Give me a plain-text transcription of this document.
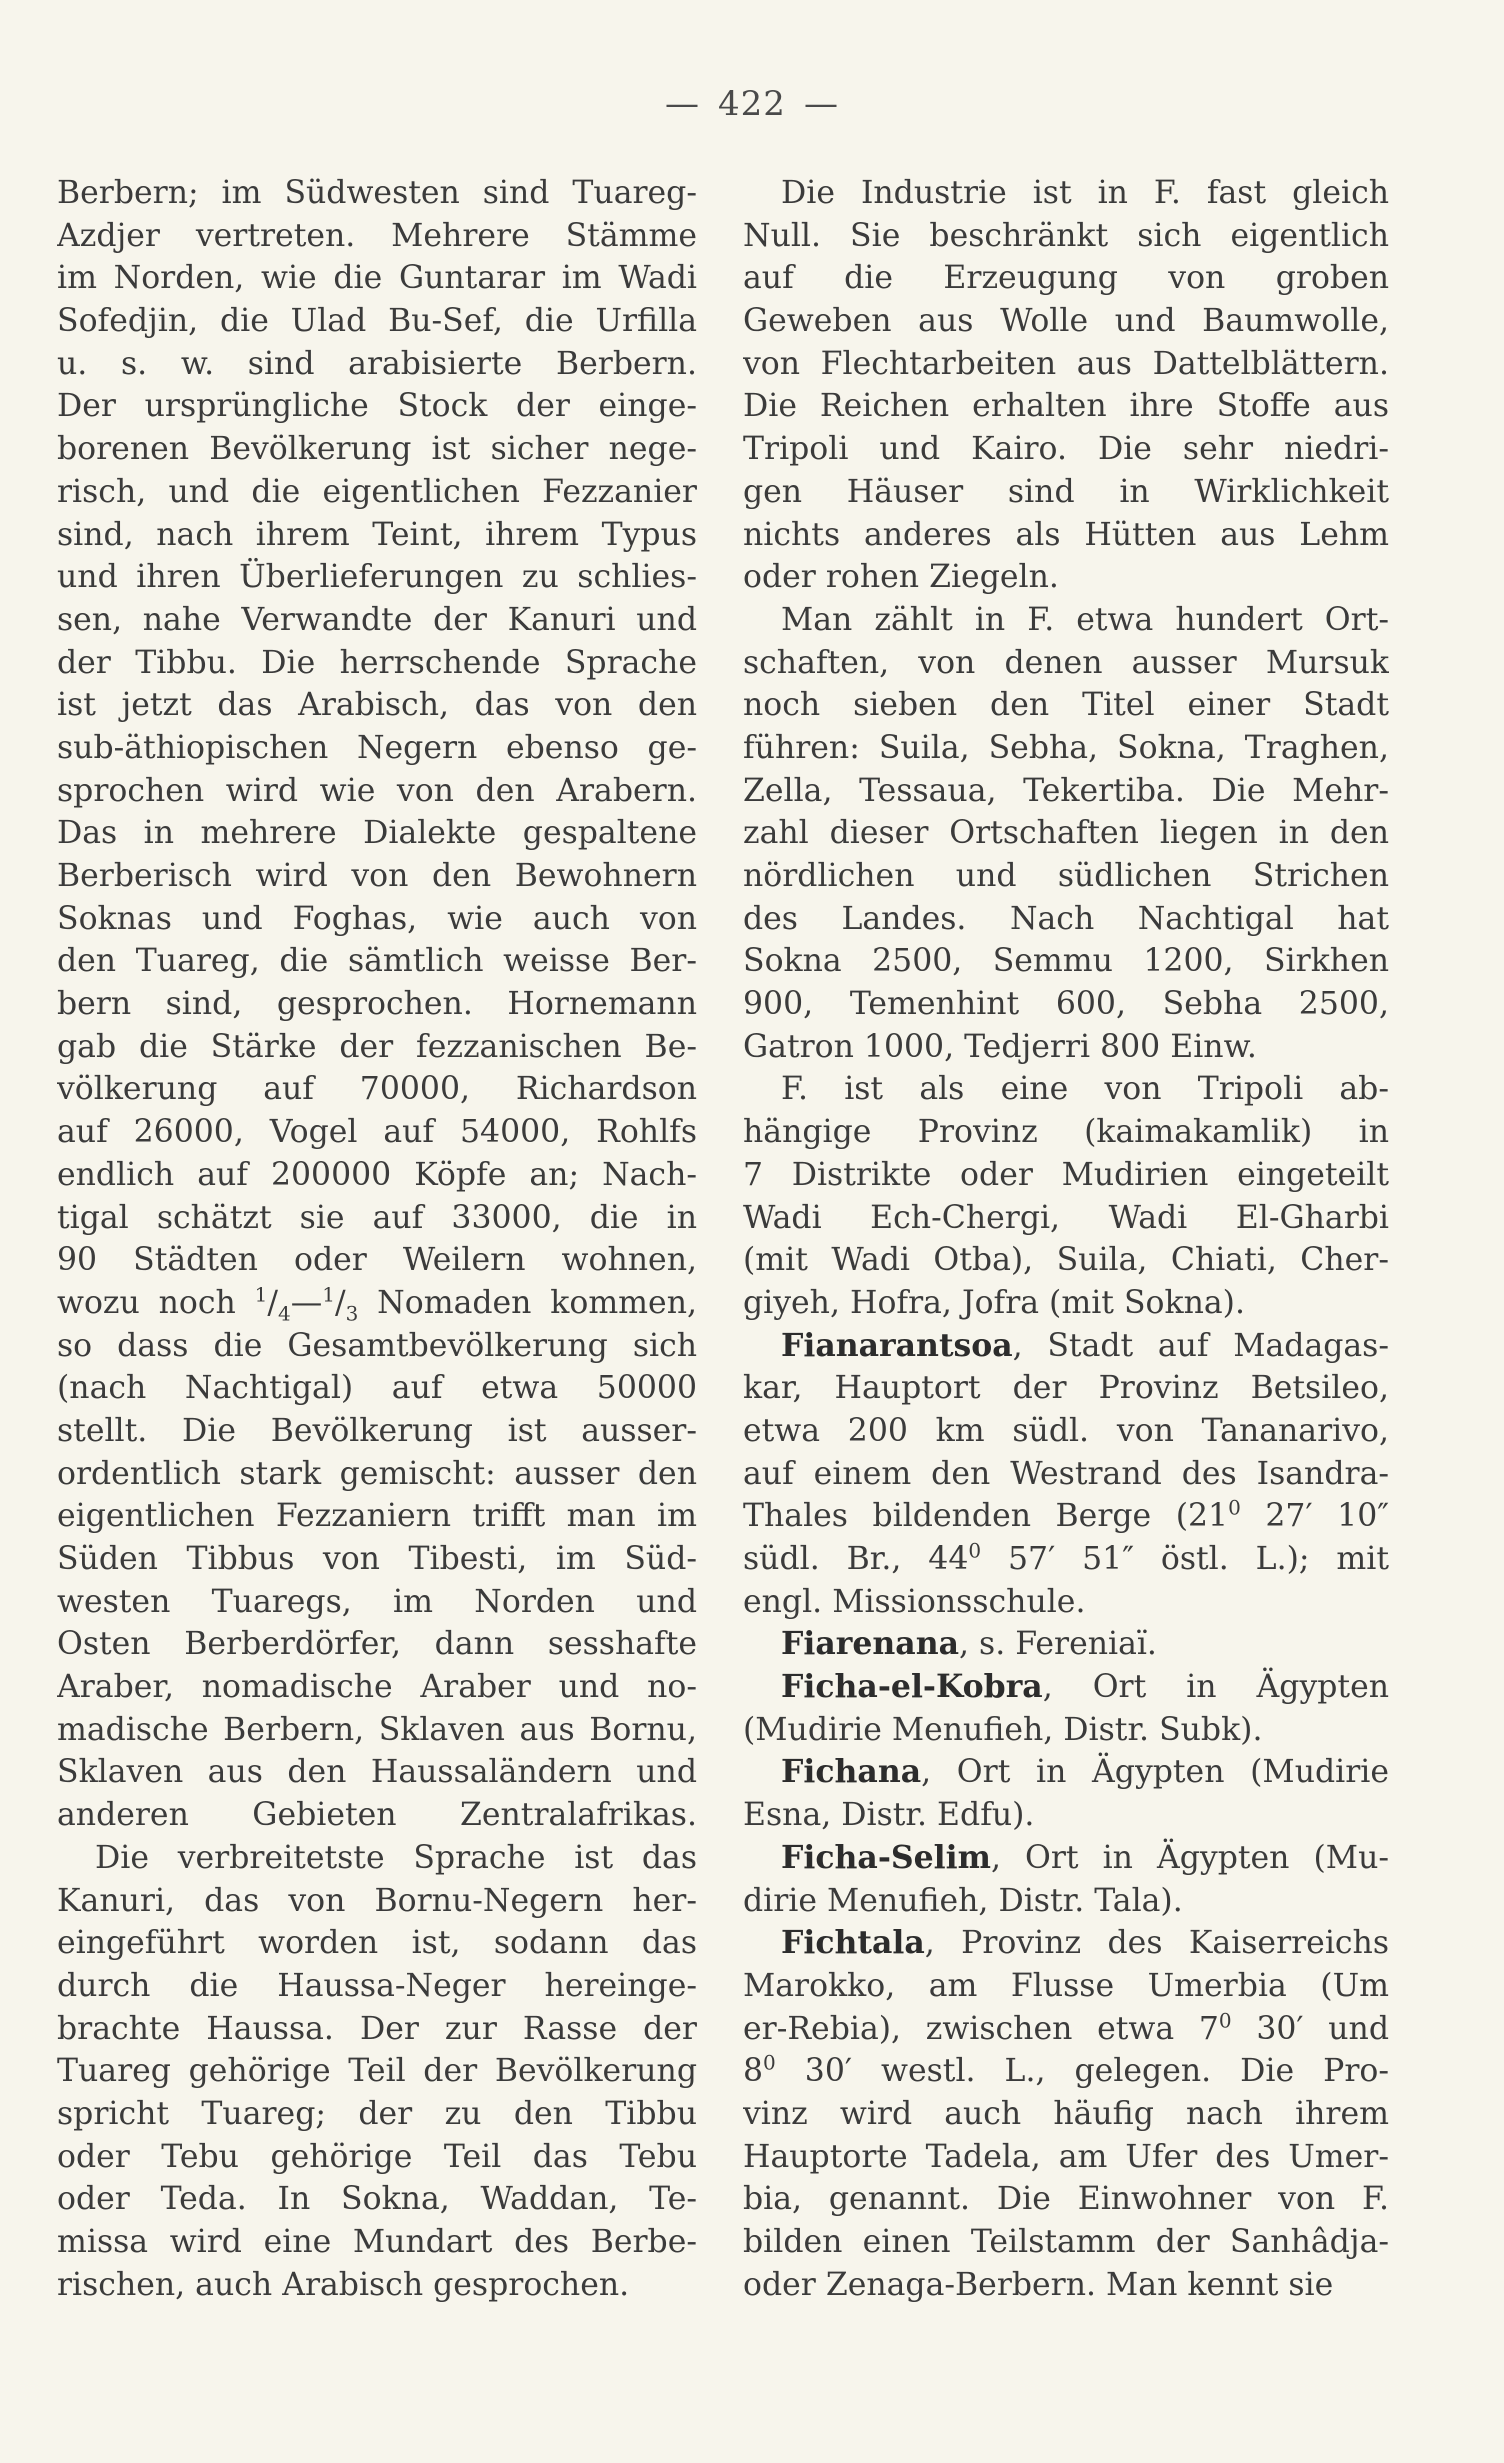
— 422 —
Berbern; im Südwesten sind Tuareg-
Azdjer vertreten. Mehrere Stämme
im Norden, wie die Guntarar im Wadi
Sofedjin, die Ulad Bu-Sef, die Urfilla
u. s. w. sind arabisierte Berbern.
Der ursprüngliche Stock der einge-
borenen Bevölkerung ist sicher nege-
risch, und die eigentlichen Fezzanier
sind, nach ihrem Teint, ihrem Typus
und ihren Überlieferungen zu schlies-
sen, nahe Verwandte der Kanuri und
der Tibbu. Die herrschende Sprache
ist jetzt das Arabisch, das von den
sub-äthiopischen Negern ebenso ge-
sprochen wird wie von den Arabern.
Das in mehrere Dialekte gespaltene
Berberisch wird von den Bewohnern
Soknas und Foghas, wie auch von
den Tuareg, die sämtlich weisse Ber-
bern sind, gesprochen. Hornemann
gab die Stärke der fezzanischen Be-
völkerung auf 70000, Richardson
auf 26000, Vogel auf 54000, Rohlfs
endlich auf 200000 Köpfe an; Nach-
tigal schätzt sie auf 33000, die in
90 Städten oder Weilern wohnen,
wozu noch $^1/_4—^1/_3$ Nomaden kommen,
so dass die Gesamtbevölkerung sich
(nach Nachtigal) auf etwa 50000
stellt. Die Bevölkerung ist ausser-
ordentlich stark gemischt: ausser den
eigentlichen Fezzaniern trifft man im
Süden Tibbus von Tibesti, im Süd-
westen Tuaregs, im Norden und
Osten Berberdörfer, dann sesshafte
Araber, nomadische Araber und no-
madische Berbern, Sklaven aus Bornu,
Sklaven aus den Haussaländern und
anderen Gebieten Zentralafrikas.
Die verbreitetste Sprache ist das
Kanuri, das von Bornu-Negern her-
eingeführt worden ist, sodann das
durch die Haussa-Neger hereinge-
brachte Haussa. Der zur Rasse der
Tuareg gehörige Teil der Bevölkerung
spricht Tuareg; der zu den Tibbu
oder Tebu gehörige Teil das Tebu
oder Teda. In Sokna, Waddan, Te-
missa wird eine Mundart des Berbe-
rischen, auch Arabisch gesprochen.
Die Industrie ist in F. fast gleich
Null. Sie beschränkt sich eigentlich
auf die Erzeugung von groben
Geweben aus Wolle und Baumwolle,
von Flechtarbeiten aus Dattelblättern.
Die Reichen erhalten ihre Stoffe aus
Tripoli und Kairo. Die sehr niedri-
gen Häuser sind in Wirklichkeit
nichts anderes als Hütten aus Lehm
oder rohen Ziegeln.
Man zählt in F. etwa hundert Ort-
schaften, von denen ausser Mursuk
noch sieben den Titel einer Stadt
führen: Suila, Sebha, Sokna, Traghen,
Zella, Tessaua, Tekertiba. Die Mehr-
zahl dieser Ortschaften liegen in den
nördlichen und südlichen Strichen
des Landes. Nach Nachtigal hat
Sokna 2500, Semmu 1200, Sirkhen
900, Temenhint 600, Sebha 2500,
Gatron 1000, Tedjerri 800 Einw.
F. ist als eine von Tripoli ab-
hängige Provinz (kaimakamlik) in
7 Distrikte oder Mudirien eingeteilt
Wadi Ech-Chergi, Wadi El-Gharbi
(mit Wadi Otba), Suila, Chiati, Cher-
giyeh, Hofra, Jofra (mit Sokna).
Fianarantsoa, Stadt auf Madagas-
kar, Hauptort der Provinz Betsileo,
etwa 200 km südl. von Tananarivo,
auf einem den Westrand des Isandra-
Thales bildenden Berge ($21^0$ 27′ 10″
südl. Br., $44^0$ 57′ 51″ östl. L.); mit
engl. Missionsschule.
Fiarenana, s. Fereniaï.
Ficha-el-Kobra, Ort in Ägypten
(Mudirie Menufieh, Distr. Subk).
Fichana, Ort in Ägypten (Mudirie
Esna, Distr. Edfu).
Ficha-Selim, Ort in Ägypten (Mu-
dirie Menufieh, Distr. Tala).
Fichtala, Provinz des Kaiserreichs
Marokko, am Flusse Umerbia (Um
er-Rebia), zwischen etwa $7^0$ 30′ und
$8^0$ 30′ westl. L., gelegen. Die Pro-
vinz wird auch häufig nach ihrem
Hauptorte Tadela, am Ufer des Umer-
bia, genannt. Die Einwohner von F.
bilden einen Teilstamm der Sanhâdja-
oder Zenaga-Berbern. Man kennt sie
